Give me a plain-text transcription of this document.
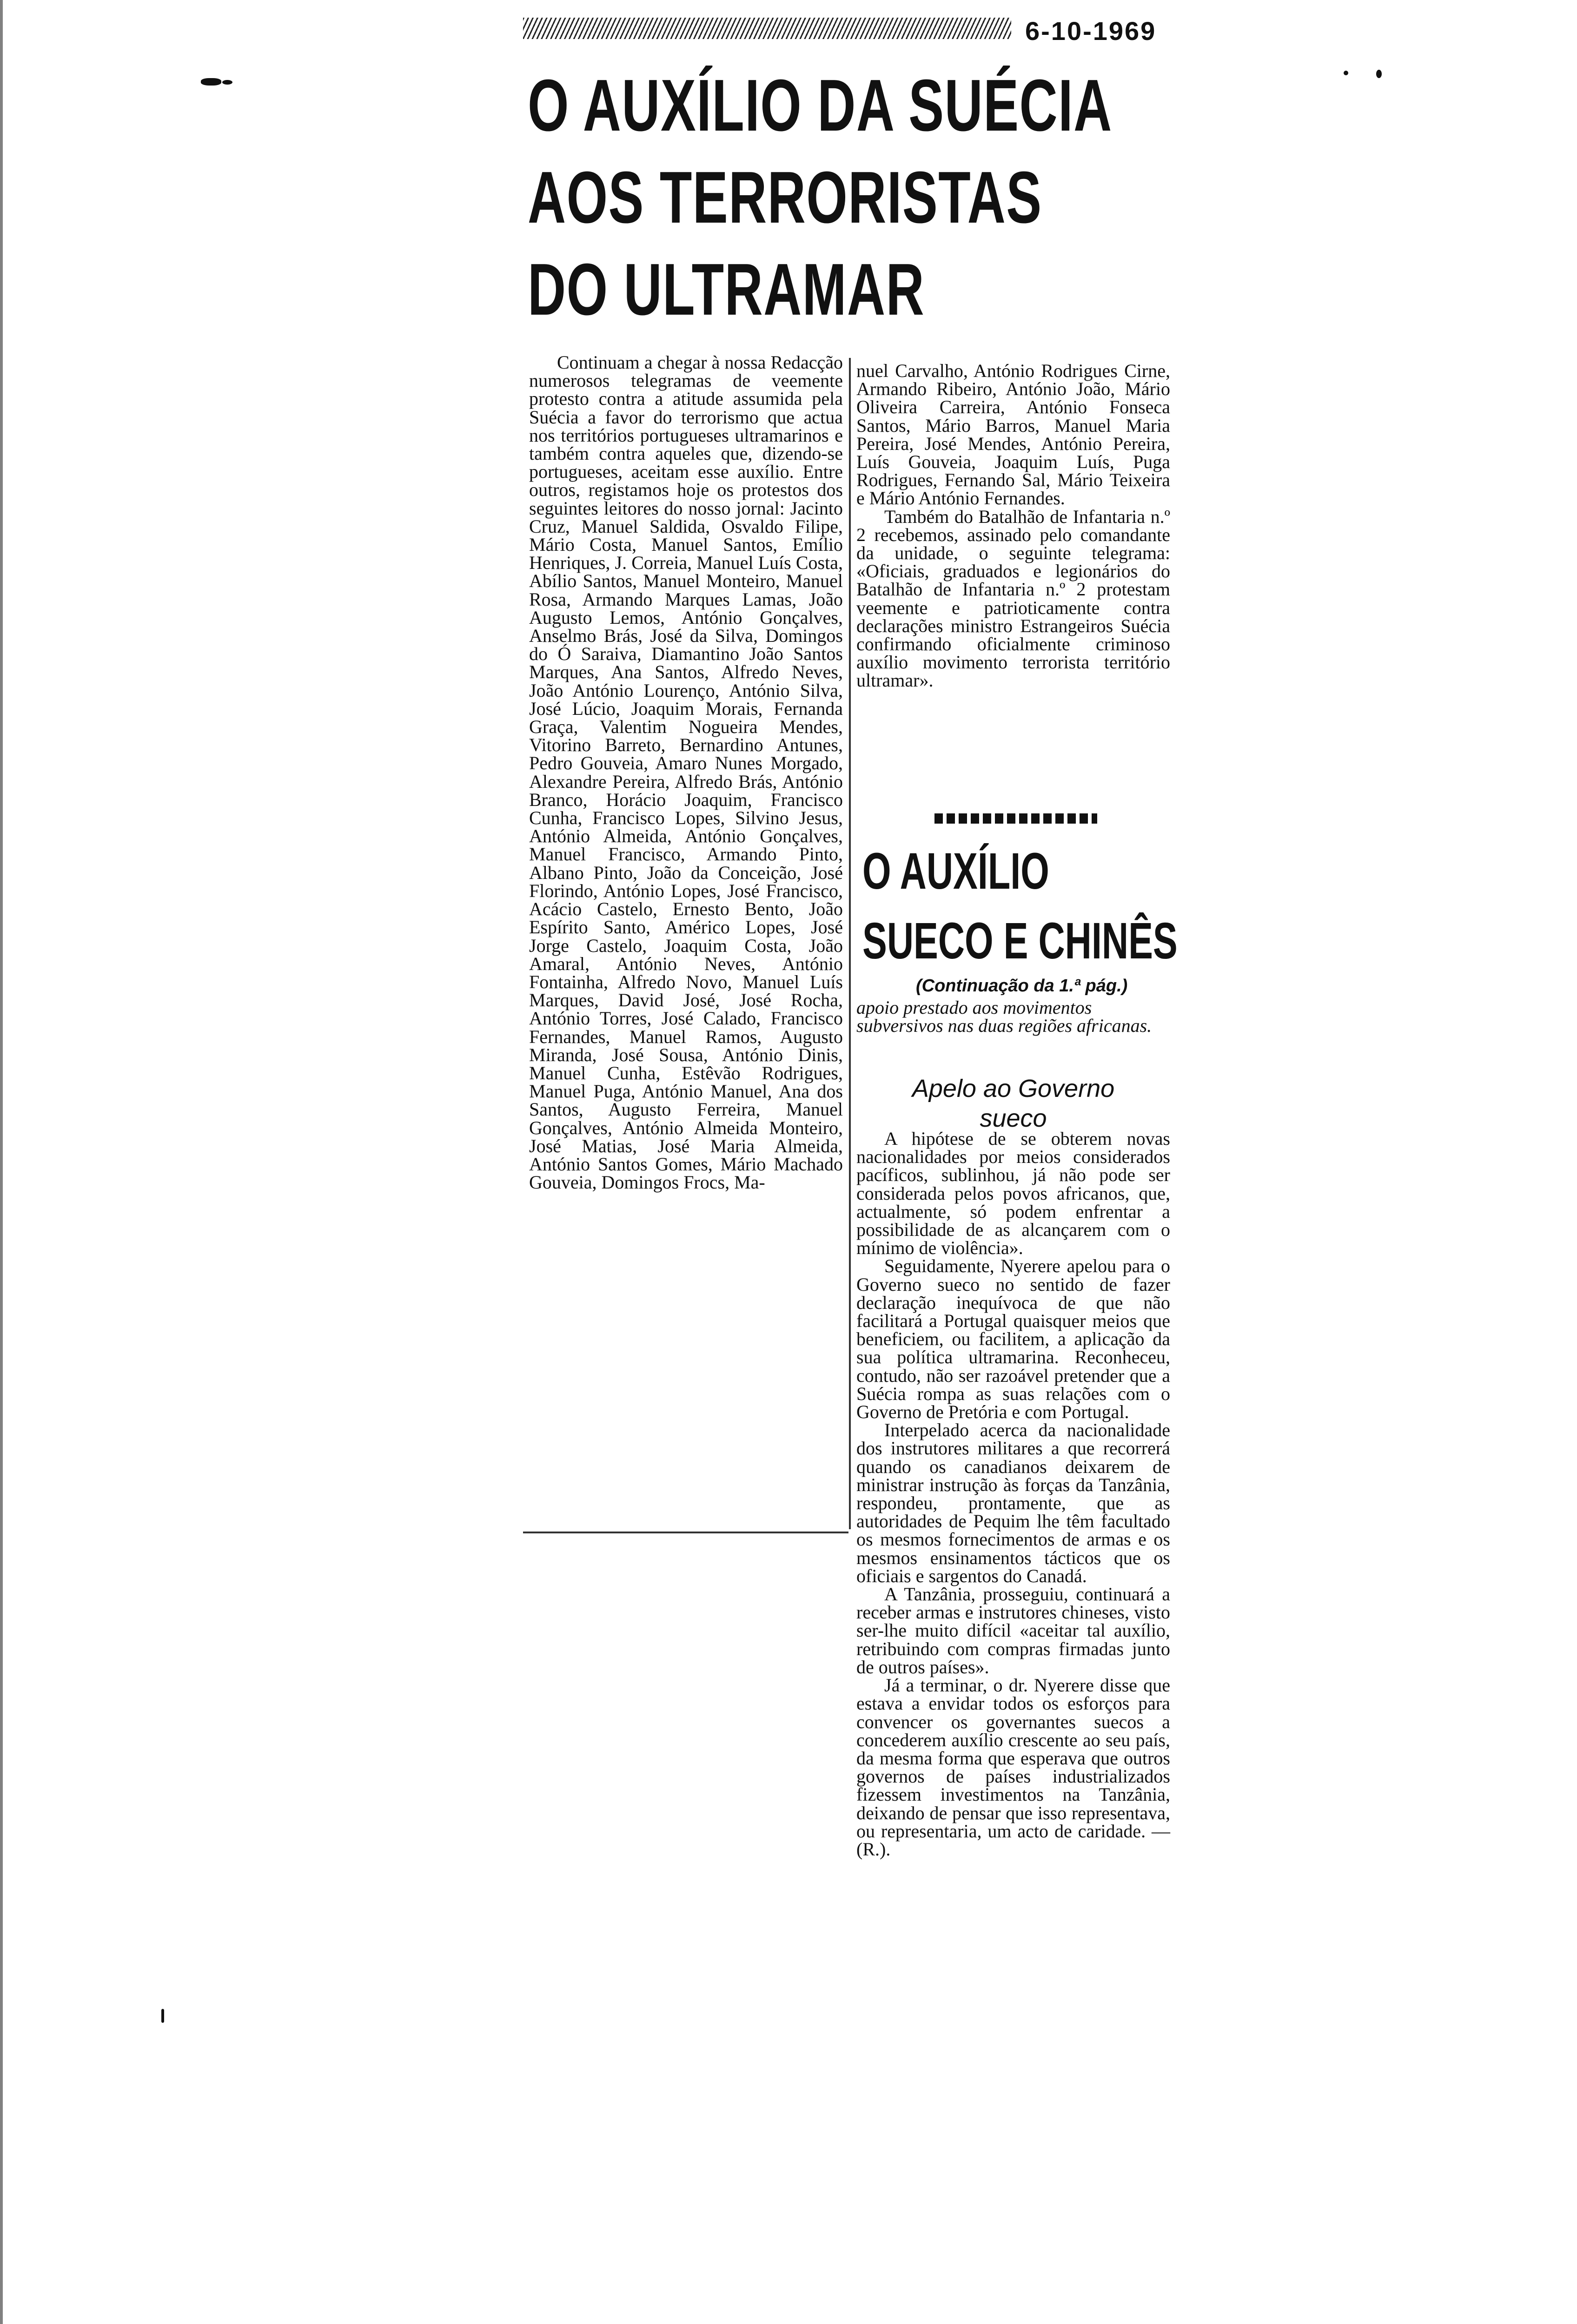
6-10-1969
O AUXÍLIO DA SUÉCIA
AOS TERRORISTAS
DO ULTRAMAR

Continuam a chegar à nossa Redacção numerosos telegramas de veemente protesto contra a atitude assumida pela Suécia a favor do terrorismo que actua nos territórios portugueses ultramarinos e também contra aqueles que, dizendo-se portugueses, aceitam esse auxílio. Entre outros, registamos hoje os protestos dos seguintes leitores do nosso jornal: Jacinto Cruz, Manuel Saldida, Osvaldo Filipe, Mário Costa, Manuel Santos, Emílio Henriques, J. Correia, Manuel Luís Costa, Abílio Santos, Manuel Monteiro, Manuel Rosa, Armando Marques Lamas, João Augusto Lemos, António Gonçalves, Anselmo Brás, José da Silva, Domingos do Ó Saraiva, Diamantino João Santos Marques, Ana Santos, Alfredo Neves, João António Lourenço, António Silva, José Lúcio, Joaquim Morais, Fernanda Graça, Valentim Nogueira Mendes, Vitorino Barreto, Bernardino Antunes, Pedro Gouveia, Amaro Nunes Morgado, Alexandre Pereira, Alfredo Brás, António Branco, Horácio Joaquim, Francisco Cunha, Francisco Lopes, Silvino Jesus, António Almeida, António Gonçalves, Manuel Francisco, Armando Pinto, Albano Pinto, João da Conceição, José Florindo, António Lopes, José Francisco, Acácio Castelo, Ernesto Bento, João Espírito Santo, Américo Lopes, José Jorge Castelo, Joaquim Costa, João Amaral, António Neves, António Fontainha, Alfredo Novo, Manuel Luís Marques, David José, José Rocha, António Torres, José Calado, Francisco Fernandes, Manuel Ramos, Augusto Miranda, José Sousa, António Dinis, Manuel Cunha, Estêvão Rodrigues, Manuel Puga, António Manuel, Ana dos Santos, Augusto Ferreira, Manuel Gonçalves, António Almeida Monteiro, José Matias, José Maria Almeida, António Santos Gomes, Mário Machado Gouveia, Domingos Frocs, Ma-

nuel Carvalho, António Rodrigues Cirne, Armando Ribeiro, António João, Mário Oliveira Carreira, António Fonseca Santos, Mário Barros, Manuel Maria Pereira, José Mendes, António Pereira, Luís Gouveia, Joaquim Luís, Puga Rodrigues, Fernando Sal, Mário Teixeira e Mário António Fernandes.

Também do Batalhão de Infantaria n.º 2 recebemos, assinado pelo comandante da unidade, o seguinte telegrama: «Oficiais, graduados e legionários do Batalhão de Infantaria n.º 2 protestam veemente e patrioticamente contra declarações ministro Estrangeiros Suécia confirmando oficialmente criminoso auxílio movimento terrorista território ultramar».

O AUXÍLIO
SUECO E CHINÊS
(Continuação da 1.ª pág.)
apoio prestado aos movimentos subversivos nas duas regiões africanas.
Apelo ao Governo
sueco

A hipótese de se obterem novas nacionalidades por meios considerados pacíficos, sublinhou, já não pode ser considerada pelos povos africanos, que, actualmente, só podem enfrentar a possibilidade de as alcançarem com o mínimo de violência».

Seguidamente, Nyerere apelou para o Governo sueco no sentido de fazer declaração inequívoca de que não facilitará a Portugal quaisquer meios que beneficiem, ou facilitem, a aplicação da sua política ultramarina. Reconheceu, contudo, não ser razoável pretender que a Suécia rompa as suas relações com o Governo de Pretória e com Portugal.

Interpelado acerca da nacionalidade dos instrutores militares a que recorrerá quando os canadianos deixarem de ministrar instrução às forças da Tanzânia, respondeu, prontamente, que as autoridades de Pequim lhe têm facultado os mesmos fornecimentos de armas e os mesmos ensinamentos tácticos que os oficiais e sargentos do Canadá.

A Tanzânia, prosseguiu, continuará a receber armas e instrutores chineses, visto ser-lhe muito difícil «aceitar tal auxílio, retribuindo com compras firmadas junto de outros países».

Já a terminar, o dr. Nyerere disse que estava a envidar todos os esforços para convencer os governantes suecos a concederem auxílio crescente ao seu país, da mesma forma que esperava que outros governos de países industrializados fizessem investimentos na Tanzânia, deixando de pensar que isso representava, ou representaria, um acto de caridade. — (R.).
